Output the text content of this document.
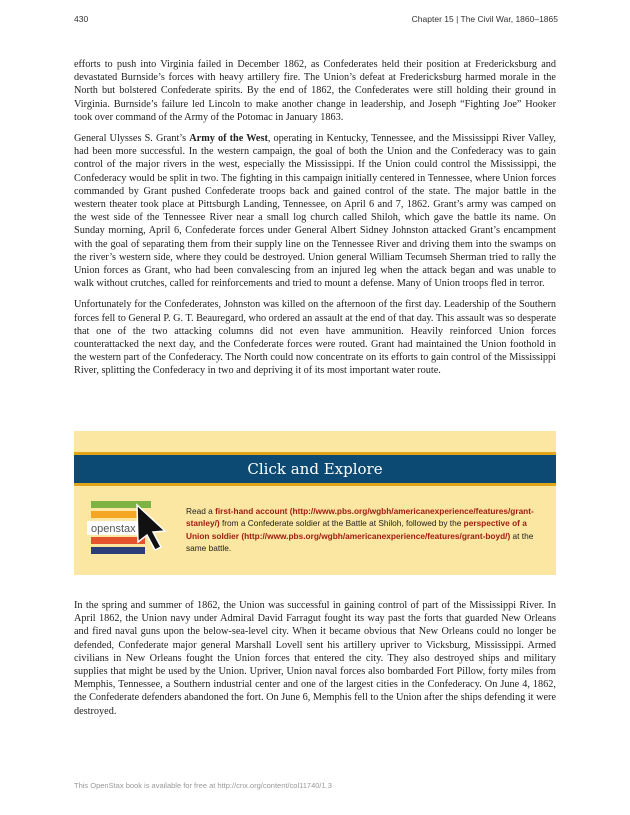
430	Chapter 15 | The Civil War, 1860–1865

efforts to push into Virginia failed in December 1862, as Confederates held their position at Fredericksburg and devastated Burnside’s forces with heavy artillery fire. The Union’s defeat at Fredericksburg harmed morale in the North but bolstered Confederate spirits. By the end of 1862, the Confederates were still holding their ground in Virginia. Burnside’s failure led Lincoln to make another change in leadership, and Joseph “Fighting Joe” Hooker took over command of the Army of the Potomac in January 1863.

General Ulysses S. Grant’s Army of the West, operating in Kentucky, Tennessee, and the Mississippi River Valley, had been more successful. In the western campaign, the goal of both the Union and the Confederacy was to gain control of the major rivers in the west, especially the Mississippi. If the Union could control the Mississippi, the Confederacy would be split in two. The fighting in this campaign initially centered in Tennessee, where Union forces commanded by Grant pushed Confederate troops back and gained control of the state. The major battle in the western theater took place at Pittsburgh Landing, Tennessee, on April 6 and 7, 1862. Grant’s army was camped on the west side of the Tennessee River near a small log church called Shiloh, which gave the battle its name. On Sunday morning, April 6, Confederate forces under General Albert Sidney Johnston attacked Grant’s encampment with the goal of separating them from their supply line on the Tennessee River and driving them into the swamps on the river’s western side, where they could be destroyed. Union general William Tecumseh Sherman tried to rally the Union forces as Grant, who had been convalescing from an injured leg when the attack began and was unable to walk without crutches, called for reinforcements and tried to mount a defense. Many of Union troops fled in terror.

Unfortunately for the Confederates, Johnston was killed on the afternoon of the first day. Leadership of the Southern forces fell to General P. G. T. Beauregard, who ordered an assault at the end of that day. This assault was so desperate that one of the two attacking columns did not even have ammunition. Heavily reinforced Union forces counterattacked the next day, and the Confederate forces were routed. Grant had maintained the Union foothold in the western part of the Confederacy. The North could now concentrate on its efforts to gain control of the Mississippi River, splitting the Confederacy in two and depriving it of its most important water route.

Click and Explore
openstax
Read a first-hand account (http://www.pbs.org/wgbh/americanexperience/features/grant-stanley/) from a Confederate soldier at the Battle at Shiloh, followed by the perspective of a Union soldier (http://www.pbs.org/wgbh/americanexperience/features/grant-boyd/) at the same battle.

In the spring and summer of 1862, the Union was successful in gaining control of part of the Mississippi River. In April 1862, the Union navy under Admiral David Farragut fought its way past the forts that guarded New Orleans and fired naval guns upon the below-sea-level city. When it became obvious that New Orleans could no longer be defended, Confederate major general Marshall Lovell sent his artillery upriver to Vicksburg, Mississippi. Armed civilians in New Orleans fought the Union forces that entered the city. They also destroyed ships and military supplies that might be used by the Union. Upriver, Union naval forces also bombarded Fort Pillow, forty miles from Memphis, Tennessee, a Southern industrial center and one of the largest cities in the Confederacy. On June 4, 1862, the Confederate defenders abandoned the fort. On June 6, Memphis fell to the Union after the ships defending it were destroyed.

This OpenStax book is available for free at http://cnx.org/content/col11740/1.3
